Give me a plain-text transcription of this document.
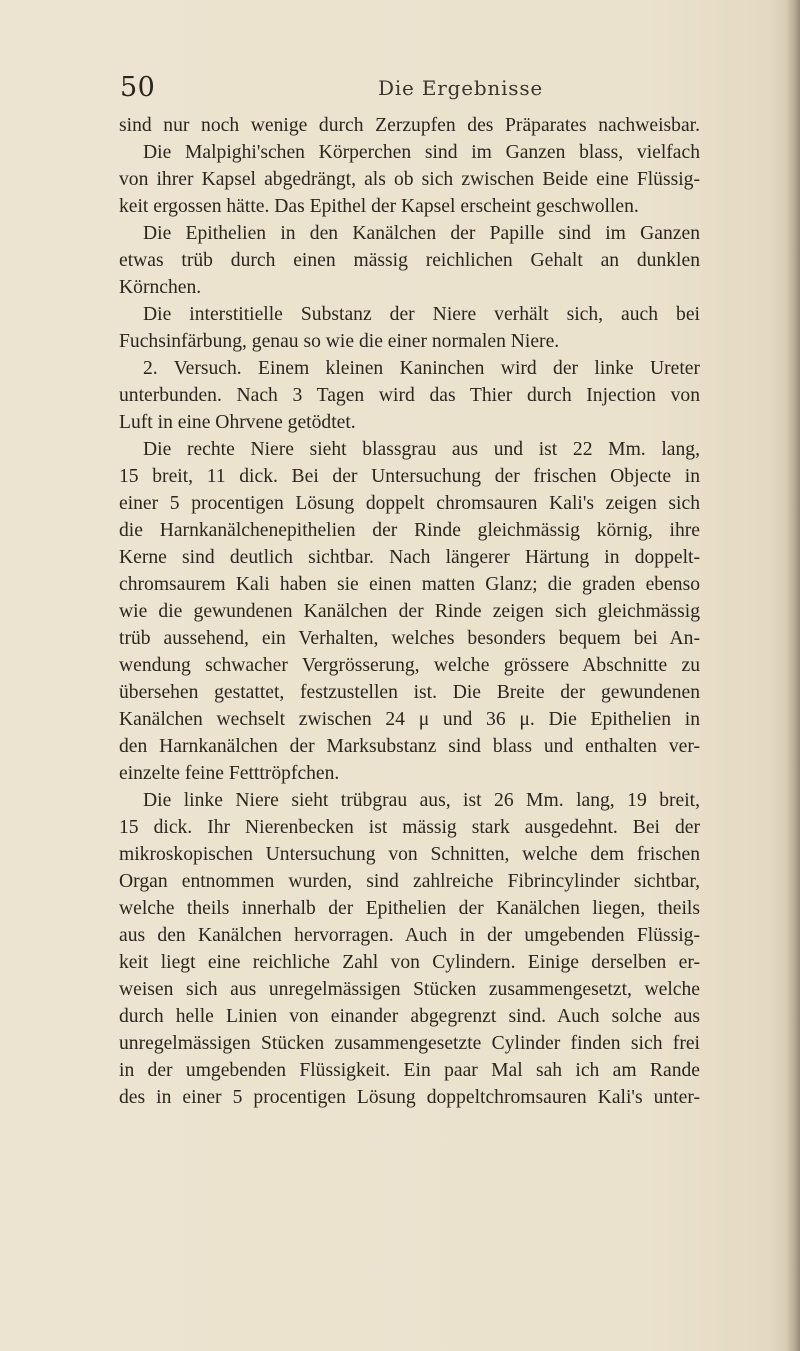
50	Die Ergebnisse
sind nur noch wenige durch Zerzupfen des Präparates nachweisbar.
Die Malpighi'schen Körperchen sind im Ganzen blass, vielfach
von ihrer Kapsel abgedrängt, als ob sich zwischen Beide eine Flüssig-
keit ergossen hätte. Das Epithel der Kapsel erscheint geschwollen.
Die Epithelien in den Kanälchen der Papille sind im Ganzen
etwas trüb durch einen mässig reichlichen Gehalt an dunklen
Körnchen.
Die interstitielle Substanz der Niere verhält sich, auch bei
Fuchsinfärbung, genau so wie die einer normalen Niere.
2. Versuch. Einem kleinen Kaninchen wird der linke Ureter
unterbunden. Nach 3 Tagen wird das Thier durch Injection von
Luft in eine Ohrvene getödtet.
Die rechte Niere sieht blassgrau aus und ist 22 Mm. lang,
15 breit, 11 dick. Bei der Untersuchung der frischen Objecte in
einer 5 procentigen Lösung doppelt chromsauren Kali's zeigen sich
die Harnkanälchenepithelien der Rinde gleichmässig körnig, ihre
Kerne sind deutlich sichtbar. Nach längerer Härtung in doppelt-
chromsaurem Kali haben sie einen matten Glanz; die graden ebenso
wie die gewundenen Kanälchen der Rinde zeigen sich gleichmässig
trüb aussehend, ein Verhalten, welches besonders bequem bei An-
wendung schwacher Vergrösserung, welche grössere Abschnitte zu
übersehen gestattet, festzustellen ist. Die Breite der gewundenen
Kanälchen wechselt zwischen 24 μ und 36 μ. Die Epithelien in
den Harnkanälchen der Marksubstanz sind blass und enthalten ver-
einzelte feine Fetttröpfchen.
Die linke Niere sieht trübgrau aus, ist 26 Mm. lang, 19 breit,
15 dick. Ihr Nierenbecken ist mässig stark ausgedehnt. Bei der
mikroskopischen Untersuchung von Schnitten, welche dem frischen
Organ entnommen wurden, sind zahlreiche Fibrincylinder sichtbar,
welche theils innerhalb der Epithelien der Kanälchen liegen, theils
aus den Kanälchen hervorragen. Auch in der umgebenden Flüssig-
keit liegt eine reichliche Zahl von Cylindern. Einige derselben er-
weisen sich aus unregelmässigen Stücken zusammengesetzt, welche
durch helle Linien von einander abgegrenzt sind. Auch solche aus
unregelmässigen Stücken zusammengesetzte Cylinder finden sich frei
in der umgebenden Flüssigkeit. Ein paar Mal sah ich am Rande
des in einer 5 procentigen Lösung doppeltchromsauren Kali's unter-
